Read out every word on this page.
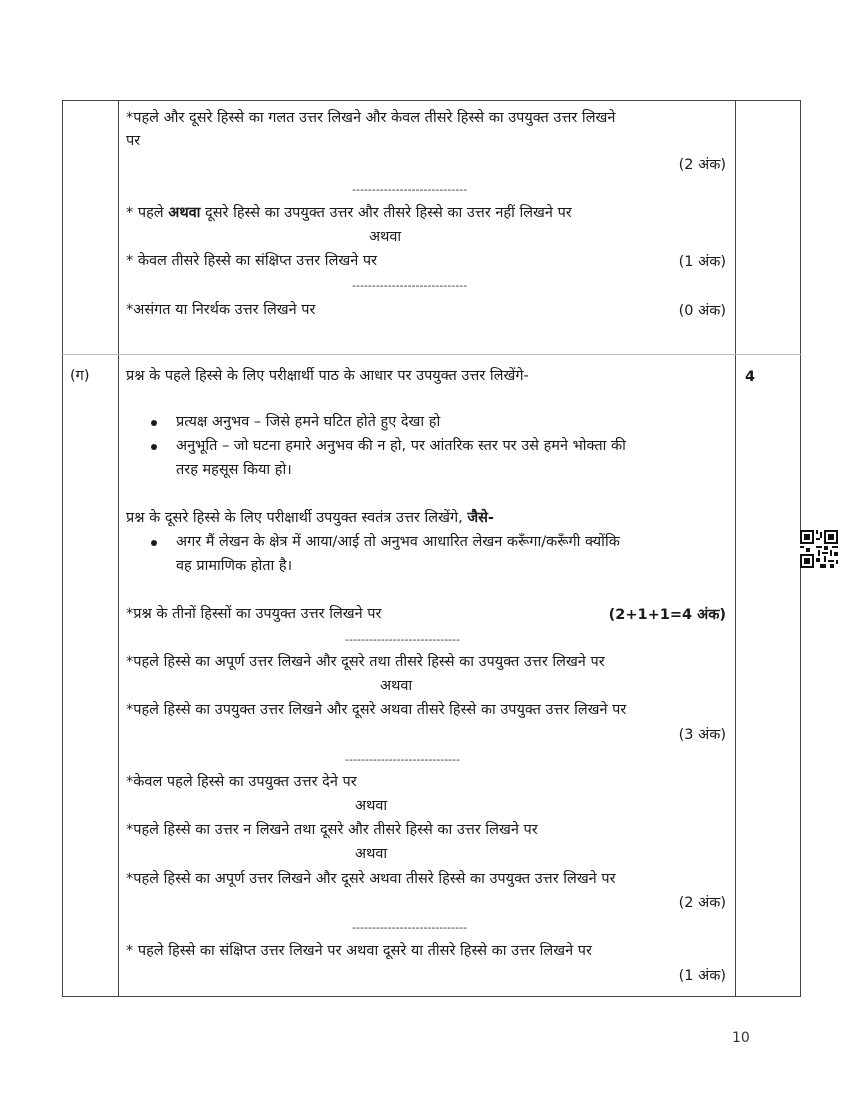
*पहले और दूसरे हिस्से का गलत उत्तर लिखने और केवल तीसरे हिस्से का उपयुक्त उत्तर लिखने
पर
(2 अंक)
-----------------------------
* पहले अथवा दूसरे हिस्से का उपयुक्त उत्तर और तीसरे हिस्से का उत्तर नहीं लिखने पर
अथवा
* केवल तीसरे हिस्से का संक्षिप्त उत्तर लिखने पर	(1 अंक)
-----------------------------
*असंगत या निरर्थक उत्तर लिखने पर	(0 अंक)
(ग)	4
प्रश्न के पहले हिस्से के लिए परीक्षार्थी पाठ के आधार पर उपयुक्त उत्तर लिखेंगे-
प्रत्यक्ष अनुभव – जिसे हमने घटित होते हुए देखा हो
अनुभूति – जो घटना हमारे अनुभव की न हो, पर आंतरिक स्तर पर उसे हमने भोक्ता की
तरह महसूस किया हो।
प्रश्न के दूसरे हिस्से के लिए परीक्षार्थी उपयुक्त स्वतंत्र उत्तर लिखेंगे, जैसे-
अगर मैं लेखन के क्षेत्र में आया/आई तो अनुभव आधारित लेखन करूँगा/करूँगी क्योंकि
वह प्रामाणिक होता है।
*प्रश्न के तीनों हिस्सों का उपयुक्त उत्तर लिखने पर	(2+1+1=4 अंक)
-----------------------------
*पहले हिस्से का अपूर्ण उत्तर लिखने और दूसरे तथा तीसरे हिस्से का उपयुक्त उत्तर लिखने पर
अथवा
*पहले हिस्से का उपयुक्त उत्तर लिखने और दूसरे अथवा तीसरे हिस्से का उपयुक्त उत्तर लिखने पर
(3 अंक)
-----------------------------
*केवल पहले हिस्से का उपयुक्त उत्तर देने पर
अथवा
*पहले हिस्से का उत्तर न लिखने तथा दूसरे और तीसरे हिस्से का उत्तर लिखने पर
अथवा
*पहले हिस्से का अपूर्ण उत्तर लिखने और दूसरे अथवा तीसरे हिस्से का उपयुक्त उत्तर लिखने पर
(2 अंक)
-----------------------------
* पहले हिस्से का संक्षिप्त उत्तर लिखने पर अथवा दूसरे या तीसरे हिस्से का उत्तर लिखने पर
(1 अंक)
10
